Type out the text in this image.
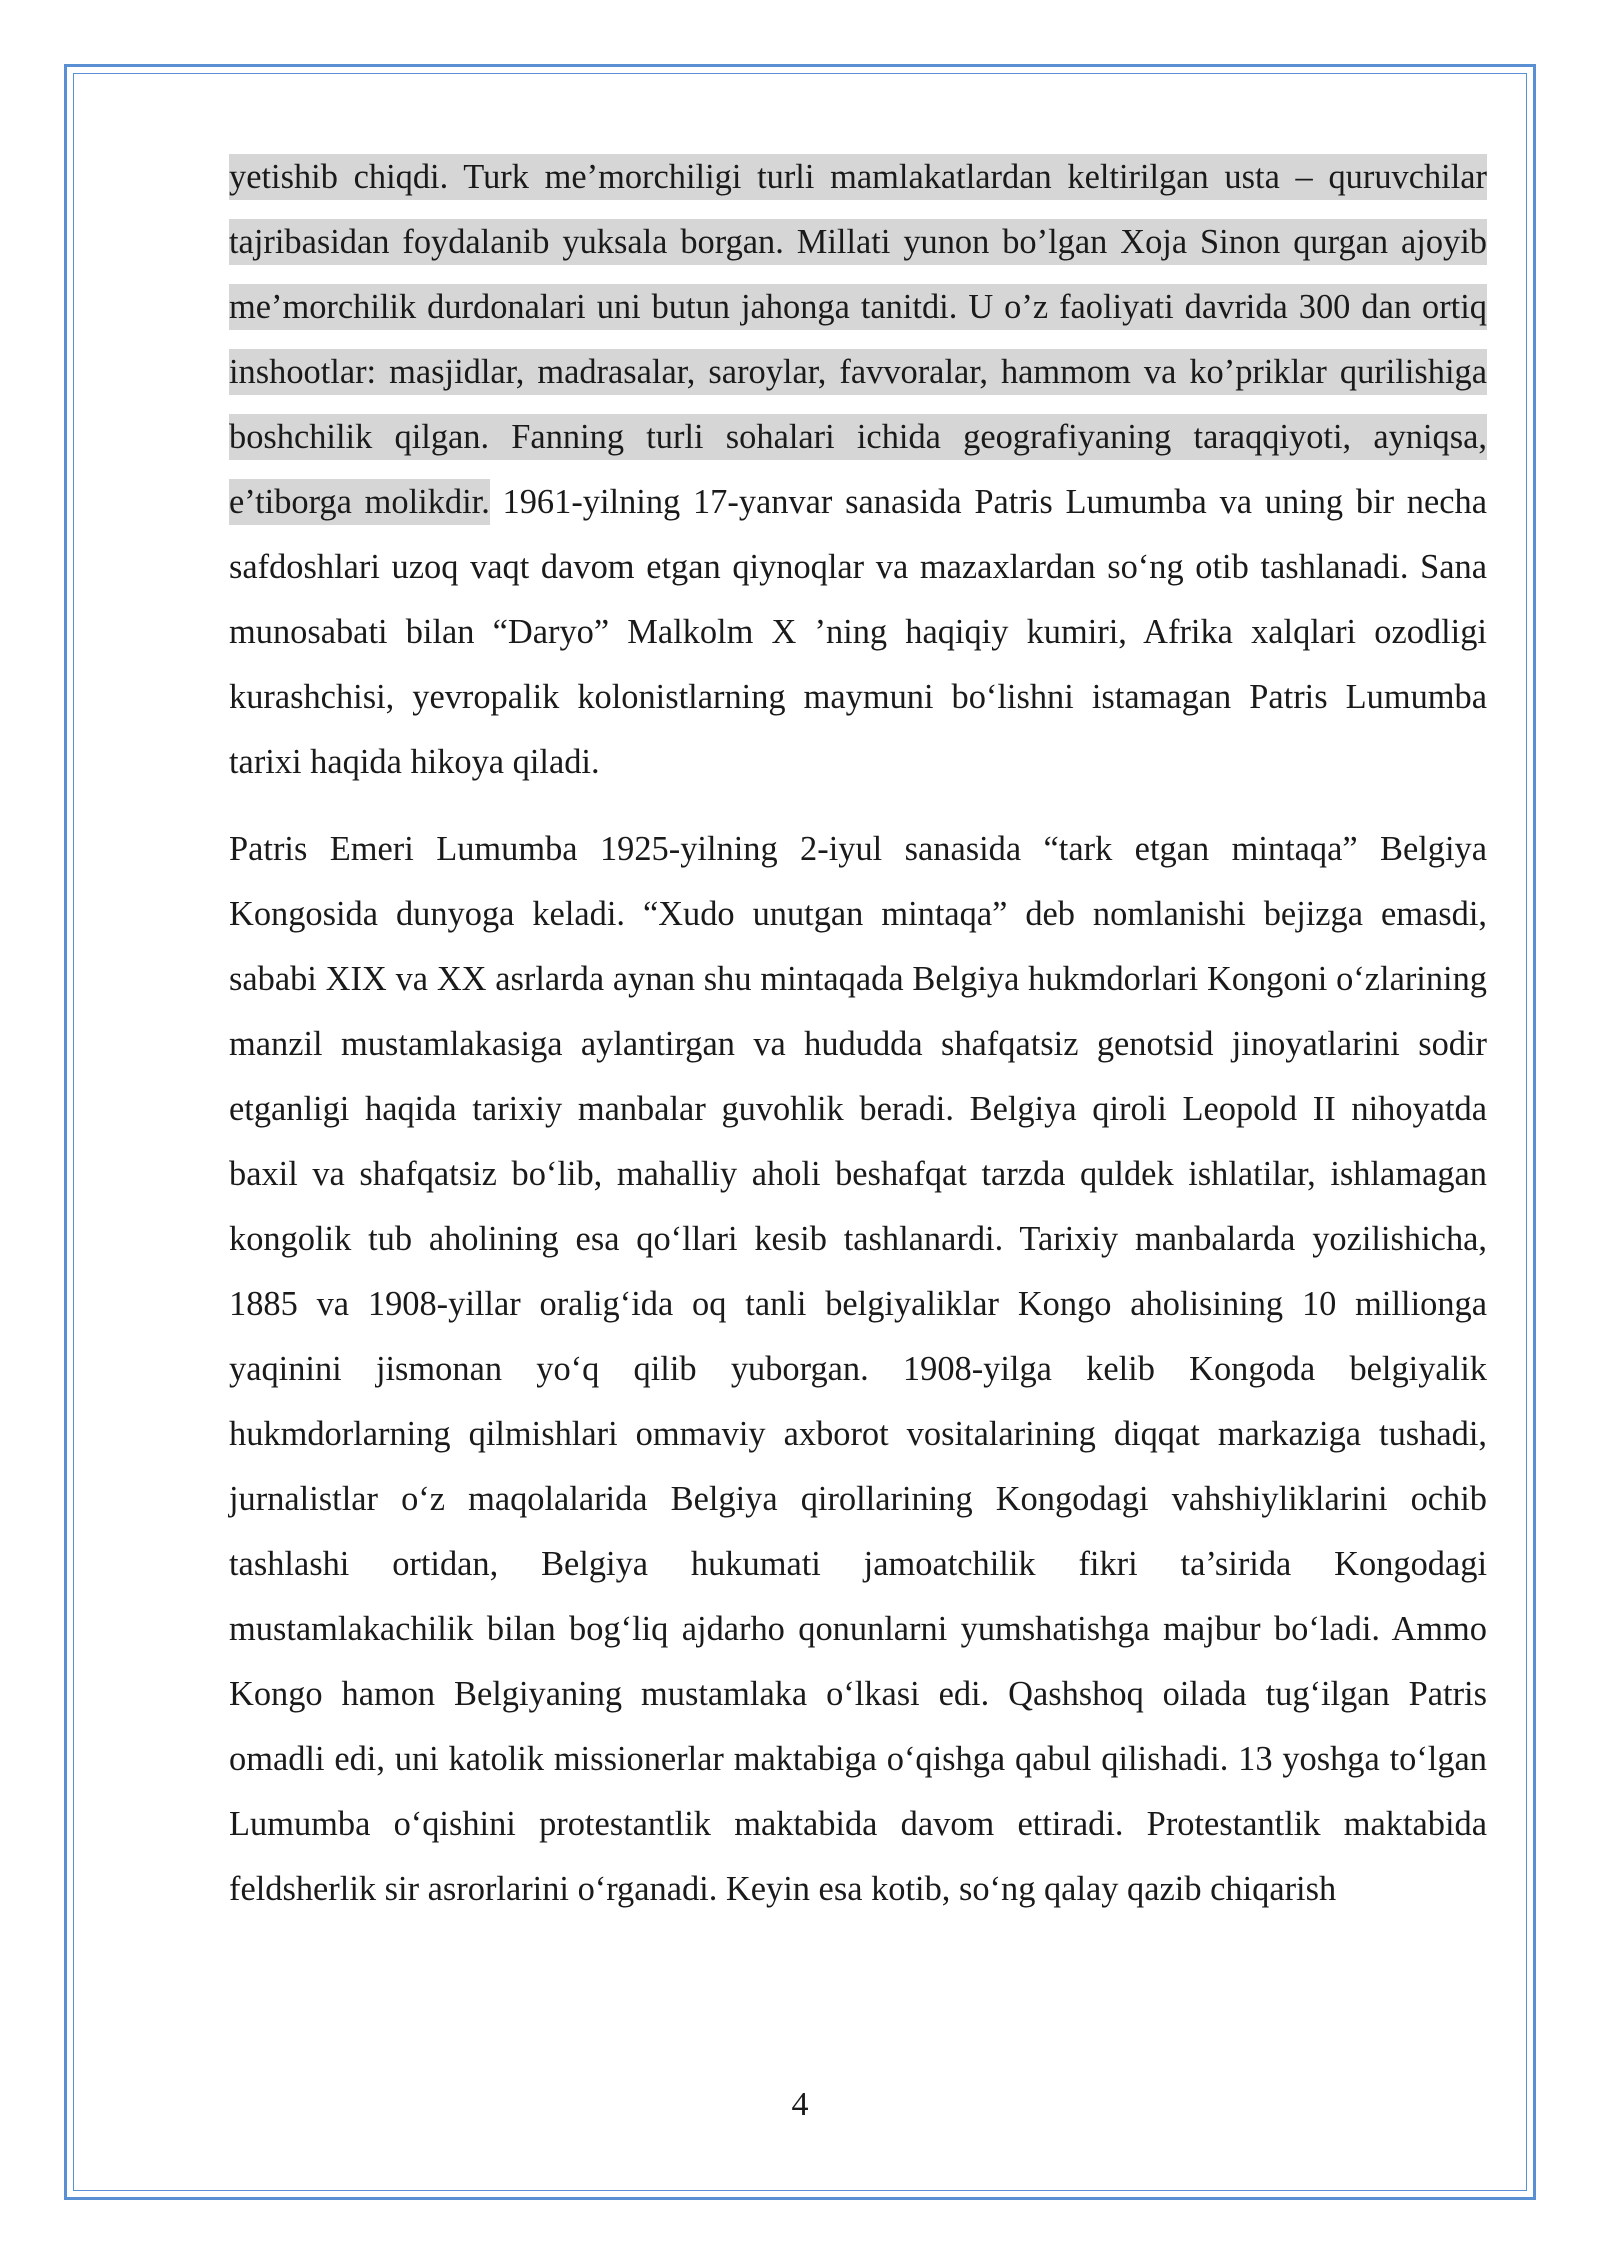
yetishib chiqdi. Turk me’morchiligi turli mamlakatlardan keltirilgan usta – quruvchilar tajribasidan foydalanib yuksala borgan. Millati yunon bo’lgan Xoja Sinon qurgan ajoyib me’morchilik durdonalari uni butun jahonga tanitdi. U o’z faoliyati davrida 300 dan ortiq inshootlar: masjidlar, madrasalar, saroylar, favvoralar, hammom va ko’priklar qurilishiga boshchilik qilgan. Fanning turli sohalari ichida geografiyaning taraqqiyoti, ayniqsa, e’tiborga molikdir. 1961-yilning 17-yanvar sanasida Patris Lumumba va uning bir necha safdoshlari uzoq vaqt davom etgan qiynoqlar va mazaxlardan so‘ng otib tashlanadi. Sana munosabati bilan “Daryo” Malkolm X ’ning haqiqiy kumiri, Afrika xalqlari ozodligi kurashchisi, yevropalik kolonistlarning maymuni bo‘lishni istamagan Patris Lumumba tarixi haqida hikoya qiladi.

Patris Emeri Lumumba 1925-yilning 2-iyul sanasida “tark etgan mintaqa” Belgiya Kongosida dunyoga keladi. “Xudo unutgan mintaqa” deb nomlanishi bejizga emasdi, sababi XIX va XX asrlarda aynan shu mintaqada Belgiya hukmdorlari Kongoni o‘zlarining manzil mustamlakasiga aylantirgan va hududda shafqatsiz genotsid jinoyatlarini sodir etganligi haqida tarixiy manbalar guvohlik beradi. Belgiya qiroli Leopold II nihoyatda baxil va shafqatsiz bo‘lib, mahalliy aholi beshafqat tarzda quldek ishlatilar, ishlamagan kongolik tub aholining esa qo‘llari kesib tashlanardi. Tarixiy manbalarda yozilishicha, 1885 va 1908-yillar oralig‘ida oq tanli belgiyaliklar Kongo aholisining 10 millionga yaqinini jismonan yo‘q qilib yuborgan. 1908-yilga kelib Kongoda belgiyalik hukmdorlarning qilmishlari ommaviy axborot vositalarining diqqat markaziga tushadi, jurnalistlar o‘z maqolalarida Belgiya qirollarining Kongodagi vahshiyliklarini ochib tashlashi ortidan, Belgiya hukumati jamoatchilik fikri ta’sirida Kongodagi mustamlakachilik bilan bog‘liq ajdarho qonunlarni yumshatishga majbur bo‘ladi. Ammo Kongo hamon Belgiyaning mustamlaka o‘lkasi edi. Qashshoq oilada tug‘ilgan Patris omadli edi, uni katolik missionerlar maktabiga o‘qishga qabul qilishadi. 13 yoshga to‘lgan Lumumba o‘qishini protestantlik maktabida davom ettiradi. Protestantlik maktabida feldsherlik sir asrorlarini o‘rganadi. Keyin esa kotib, so‘ng qalay qazib chiqarish

4
